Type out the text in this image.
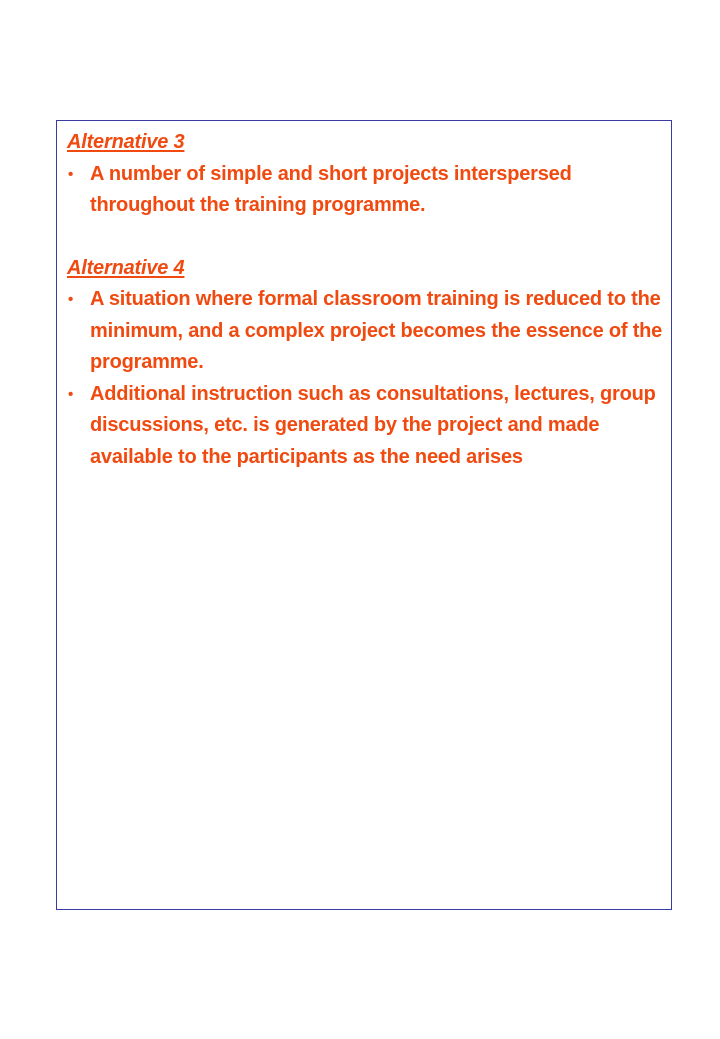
Alternative 3
• A number of simple and short projects interspersed throughout the training programme.
Alternative 4
• A situation where formal classroom training is reduced to the minimum, and a complex project becomes the essence of the programme.
• Additional instruction such as consultations, lectures, group discussions, etc. is generated by the project and made available to the participants as the need arises
